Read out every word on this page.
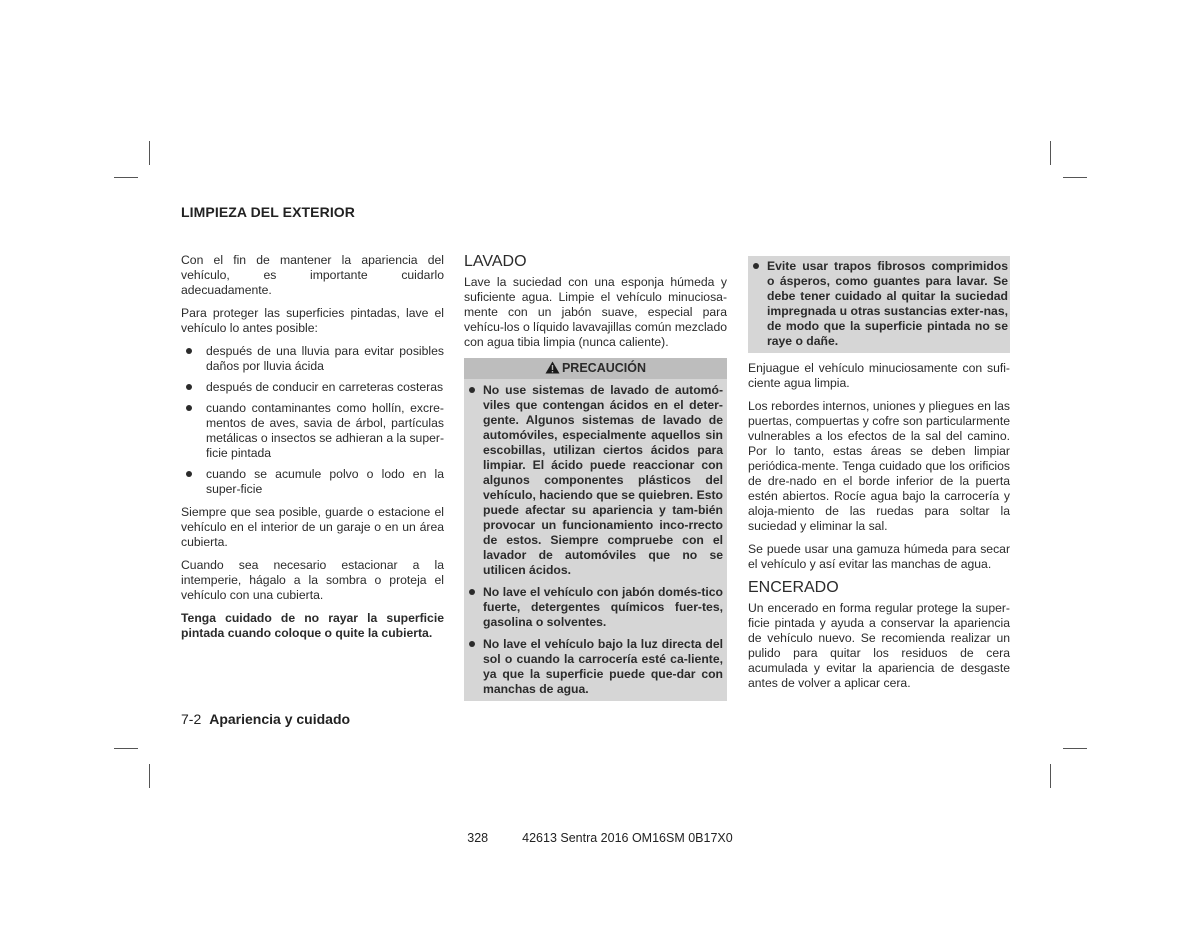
LIMPIEZA DEL EXTERIOR

Con el fin de mantener la apariencia del vehículo, es importante cuidarlo adecuadamente.

Para proteger las superficies pintadas, lave el vehículo lo antes posible:

después de una lluvia para evitar posibles daños por lluvia ácida
después de conducir en carreteras costeras
cuando contaminantes como hollín, excre-mentos de aves, savia de árbol, partículas metálicas o insectos se adhieran a la super-ficie pintada
cuando se acumule polvo o lodo en la super-ficie

Siempre que sea posible, guarde o estacione el vehículo en el interior de un garaje o en un área cubierta.

Cuando sea necesario estacionar a la intemperie, hágalo a la sombra o proteja el vehículo con una cubierta.

Tenga cuidado de no rayar la superficie pintada cuando coloque o quite la cubierta.

LAVADO

Lave la suciedad con una esponja húmeda y suficiente agua. Limpie el vehículo minuciosa-mente con un jabón suave, especial para vehícu-los o líquido lavavajillas común mezclado con agua tibia limpia (nunca caliente).

PRECAUCIÓN
No use sistemas de lavado de automó-viles que contengan ácidos en el deter-gente. Algunos sistemas de lavado de automóviles, especialmente aquellos sin escobillas, utilizan ciertos ácidos para limpiar. El ácido puede reaccionar con algunos componentes plásticos del vehículo, haciendo que se quiebren. Esto puede afectar su apariencia y tam-bién provocar un funcionamiento inco-rrecto de estos. Siempre compruebe con el lavador de automóviles que no se utilicen ácidos.
No lave el vehículo con jabón domés-tico fuerte, detergentes químicos fuer-tes, gasolina o solventes.
No lave el vehículo bajo la luz directa del sol o cuando la carrocería esté ca-liente, ya que la superficie puede que-dar con manchas de agua.
Evite usar trapos fibrosos comprimidos o ásperos, como guantes para lavar. Se debe tener cuidado al quitar la suciedad impregnada u otras sustancias exter-nas, de modo que la superficie pintada no se raye o dañe.

Enjuague el vehículo minuciosamente con sufi-ciente agua limpia.

Los rebordes internos, uniones y pliegues en las puertas, compuertas y cofre son particularmente vulnerables a los efectos de la sal del camino. Por lo tanto, estas áreas se deben limpiar periódica-mente. Tenga cuidado que los orificios de dre-nado en el borde inferior de la puerta estén abiertos. Rocíe agua bajo la carrocería y aloja-miento de las ruedas para soltar la suciedad y eliminar la sal.

Se puede usar una gamuza húmeda para secar el vehículo y así evitar las manchas de agua.

ENCERADO

Un encerado en forma regular protege la super-ficie pintada y ayuda a conservar la apariencia de vehículo nuevo. Se recomienda realizar un pulido para quitar los residuos de cera acumulada y evitar la apariencia de desgaste antes de volver a aplicar cera.

7-2 Apariencia y cuidado
328	42613 Sentra 2016 OM16SM 0B17X0
